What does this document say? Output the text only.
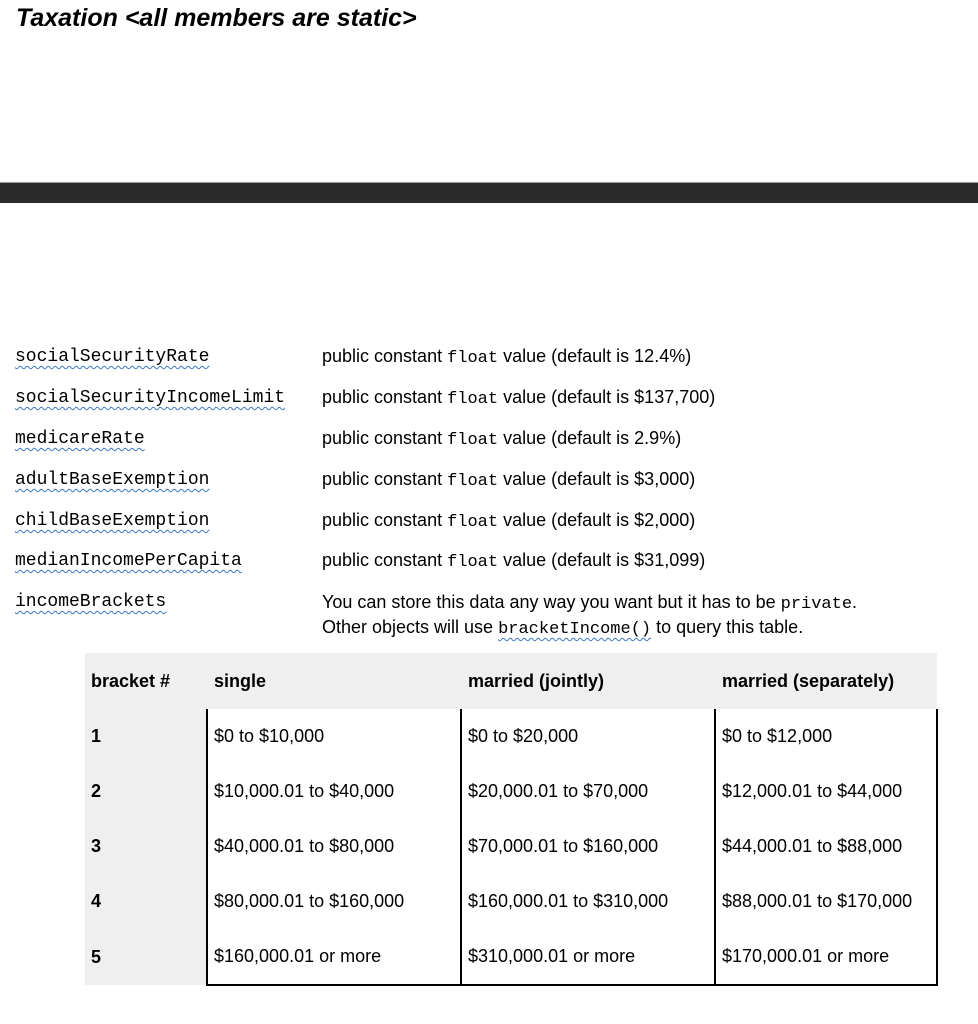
Taxation <all members are static>
socialSecurityRate	public constant float value (default is 12.4%)
socialSecurityIncomeLimit public constant float value (default is $137,700)
medicareRate	public constant float value (default is 2.9%)
adultBaseExemption	public constant float value (default is $3,000)
childBaseExemption	public constant float value (default is $2,000)
medianIncomePerCapita	public constant float value (default is $31,099)
incomeBrackets	You can store this data any way you want but it has to be private.
Other objects will use bracketIncome() to query this table.
bracket #	single	married (jointly)	married (separately)
1	$0 to $10,000	$0 to $20,000	$0 to $12,000
2	$10,000.01 to $40,000	$20,000.01 to $70,000	$12,000.01 to $44,000
3	$40,000.01 to $80,000	$70,000.01 to $160,000	$44,000.01 to $88,000
4	$80,000.01 to $160,000	$160,000.01 to $310,000	$88,000.01 to $170,000
5	$160,000.01 or more	$310,000.01 or more	$170,000.01 or more
